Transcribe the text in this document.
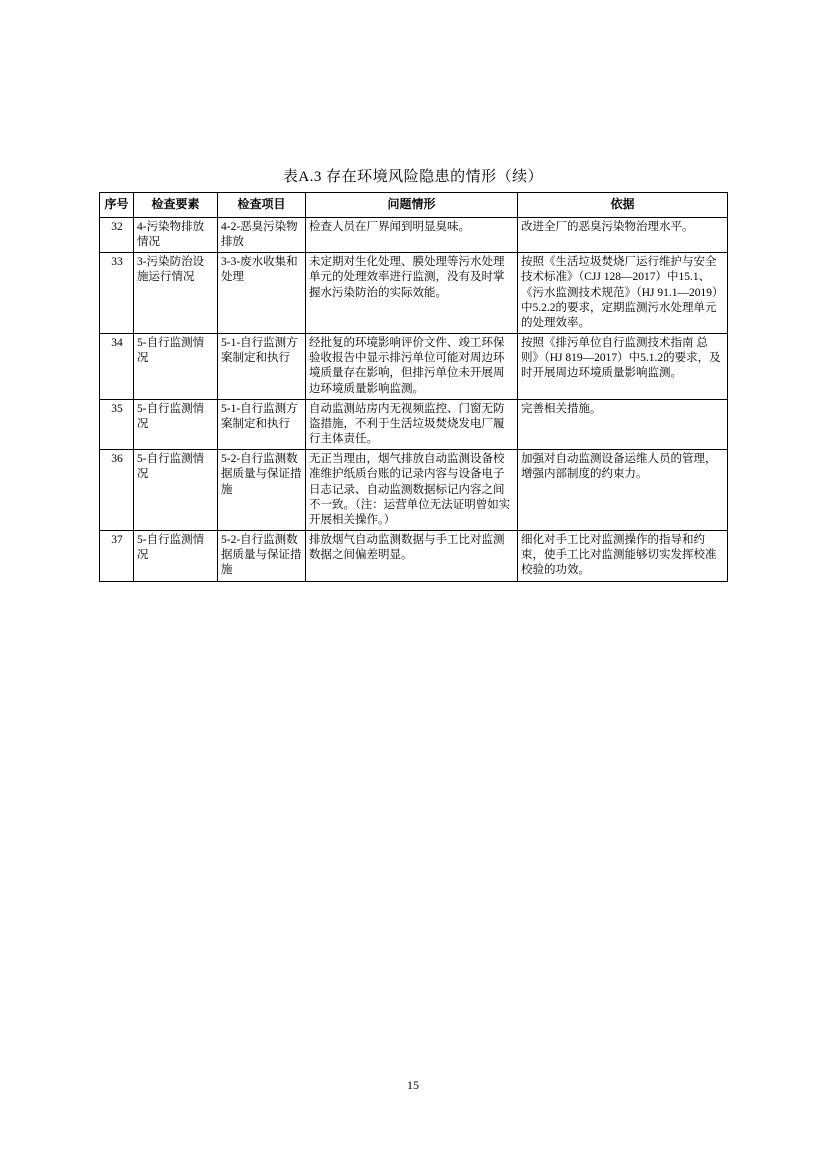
表A.3 存在环境风险隐患的情形（续）
序号	检查要素	检查项目	问题情形	依据
32	4-污染物排放情况	4-2-恶臭污染物排放	检查人员在厂界闻到明显臭味。	改进全厂的恶臭污染物治理水平。
33	3-污染防治设施运行情况	3-3-废水收集和处理	未定期对生化处理、膜处理等污水处理单元的处理效率进行监测，没有及时掌握水污染防治的实际效能。	按照《生活垃圾焚烧厂运行维护与安全技术标准》（CJJ 128—2017）中15.1、《污水监测技术规范》（HJ 91.1—2019）中5.2.2的要求，定期监测污水处理单元的处理效率。
34	5-自行监测情况	5-1-自行监测方案制定和执行	经批复的环境影响评价文件、竣工环保验收报告中显示排污单位可能对周边环境质量存在影响，但排污单位未开展周边环境质量影响监测。	按照《排污单位自行监测技术指南 总则》（HJ 819—2017）中5.1.2的要求，及时开展周边环境质量影响监测。
35	5-自行监测情况	5-1-自行监测方案制定和执行	自动监测站房内无视频监控、门窗无防盗措施，不利于生活垃圾焚烧发电厂履行主体责任。	完善相关措施。
36	5-自行监测情况	5-2-自行监测数据质量与保证措施	无正当理由，烟气排放自动监测设备校准维护纸质台账的记录内容与设备电子日志记录、自动监测数据标记内容之间不一致。（注：运营单位无法证明曾如实开展相关操作。）	加强对自动监测设备运维人员的管理，增强内部制度的约束力。
37	5-自行监测情况	5-2-自行监测数据质量与保证措施	排放烟气自动监测数据与手工比对监测数据之间偏差明显。	细化对手工比对监测操作的指导和约束，使手工比对监测能够切实发挥校准校验的功效。
15
